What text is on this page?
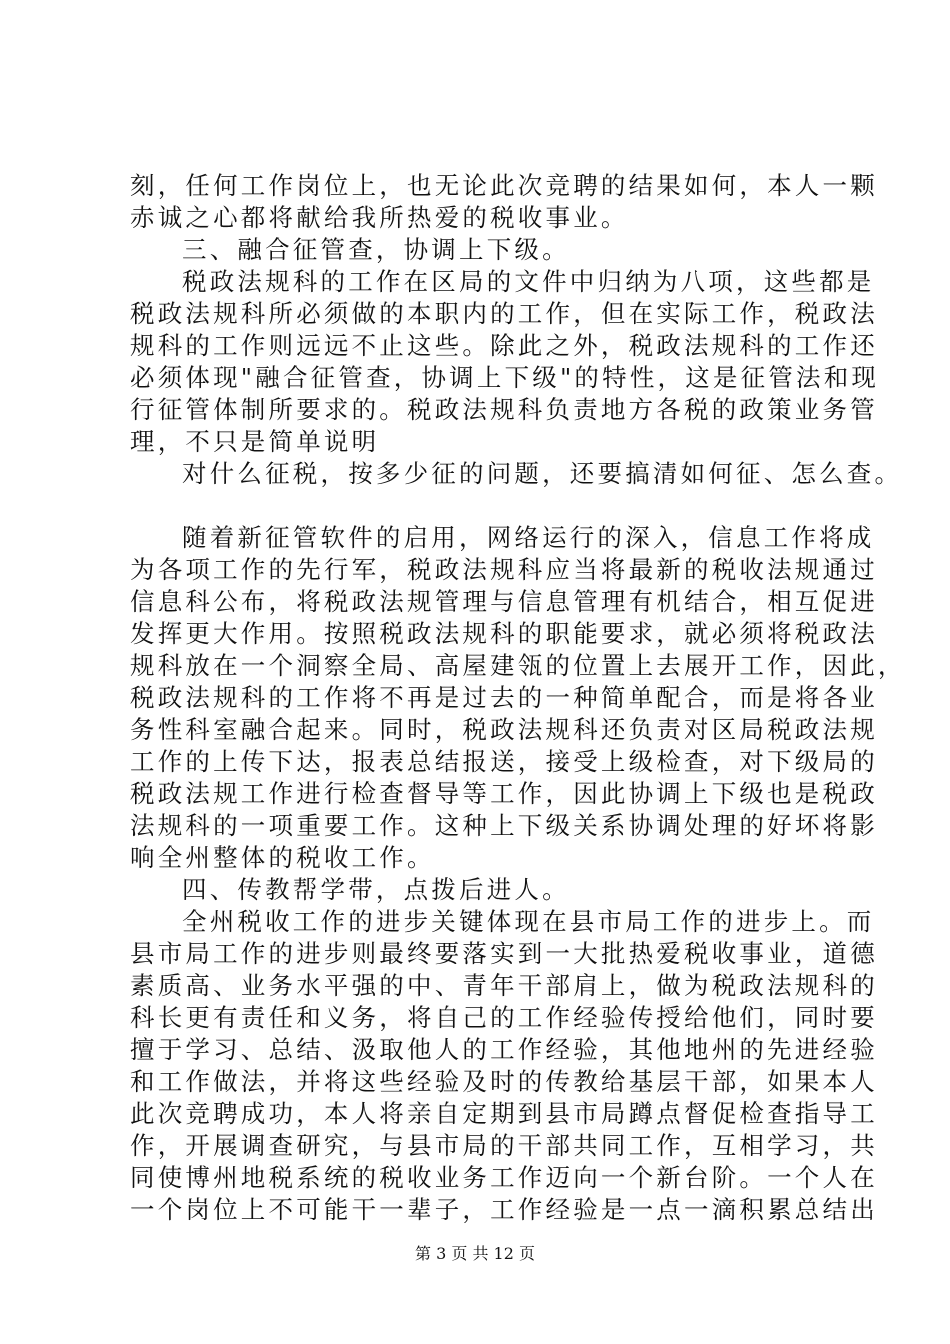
刻，任何工作岗位上，也无论此次竞聘的结果如何，本人一颗
赤诚之心都将献给我所热爱的税收事业。
三、融合征管查，协调上下级。
税政法规科的工作在区局的文件中归纳为八项，这些都是
税政法规科所必须做的本职内的工作，但在实际工作，税政法
规科的工作则远远不止这些。除此之外，税政法规科的工作还
必须体现"融合征管查，协调上下级"的特性，这是征管法和现
行征管体制所要求的。税政法规科负责地方各税的政策业务管
理，不只是简单说明
对什么征税，按多少征的问题，还要搞清如何征、怎么查。
随着新征管软件的启用，网络运行的深入，信息工作将成
为各项工作的先行军，税政法规科应当将最新的税收法规通过
信息科公布，将税政法规管理与信息管理有机结合，相互促进
发挥更大作用。按照税政法规科的职能要求，就必须将税政法
规科放在一个洞察全局、高屋建瓴的位置上去展开工作，因此，
税政法规科的工作将不再是过去的一种简单配合，而是将各业
务性科室融合起来。同时，税政法规科还负责对区局税政法规
工作的上传下达，报表总结报送，接受上级检查，对下级局的
税政法规工作进行检查督导等工作，因此协调上下级也是税政
法规科的一项重要工作。这种上下级关系协调处理的好坏将影
响全州整体的税收工作。
四、传教帮学带，点拨后进人。
全州税收工作的进步关键体现在县市局工作的进步上。而
县市局工作的进步则最终要落实到一大批热爱税收事业，道德
素质高、业务水平强的中、青年干部肩上，做为税政法规科的
科长更有责任和义务，将自己的工作经验传授给他们，同时要
擅于学习、总结、汲取他人的工作经验，其他地州的先进经验
和工作做法，并将这些经验及时的传教给基层干部，如果本人
此次竞聘成功，本人将亲自定期到县市局蹲点督促检查指导工
作，开展调查研究，与县市局的干部共同工作，互相学习，共
同使博州地税系统的税收业务工作迈向一个新台阶。一个人在
一个岗位上不可能干一辈子，工作经验是一点一滴积累总结出
第 3 页 共 12 页
